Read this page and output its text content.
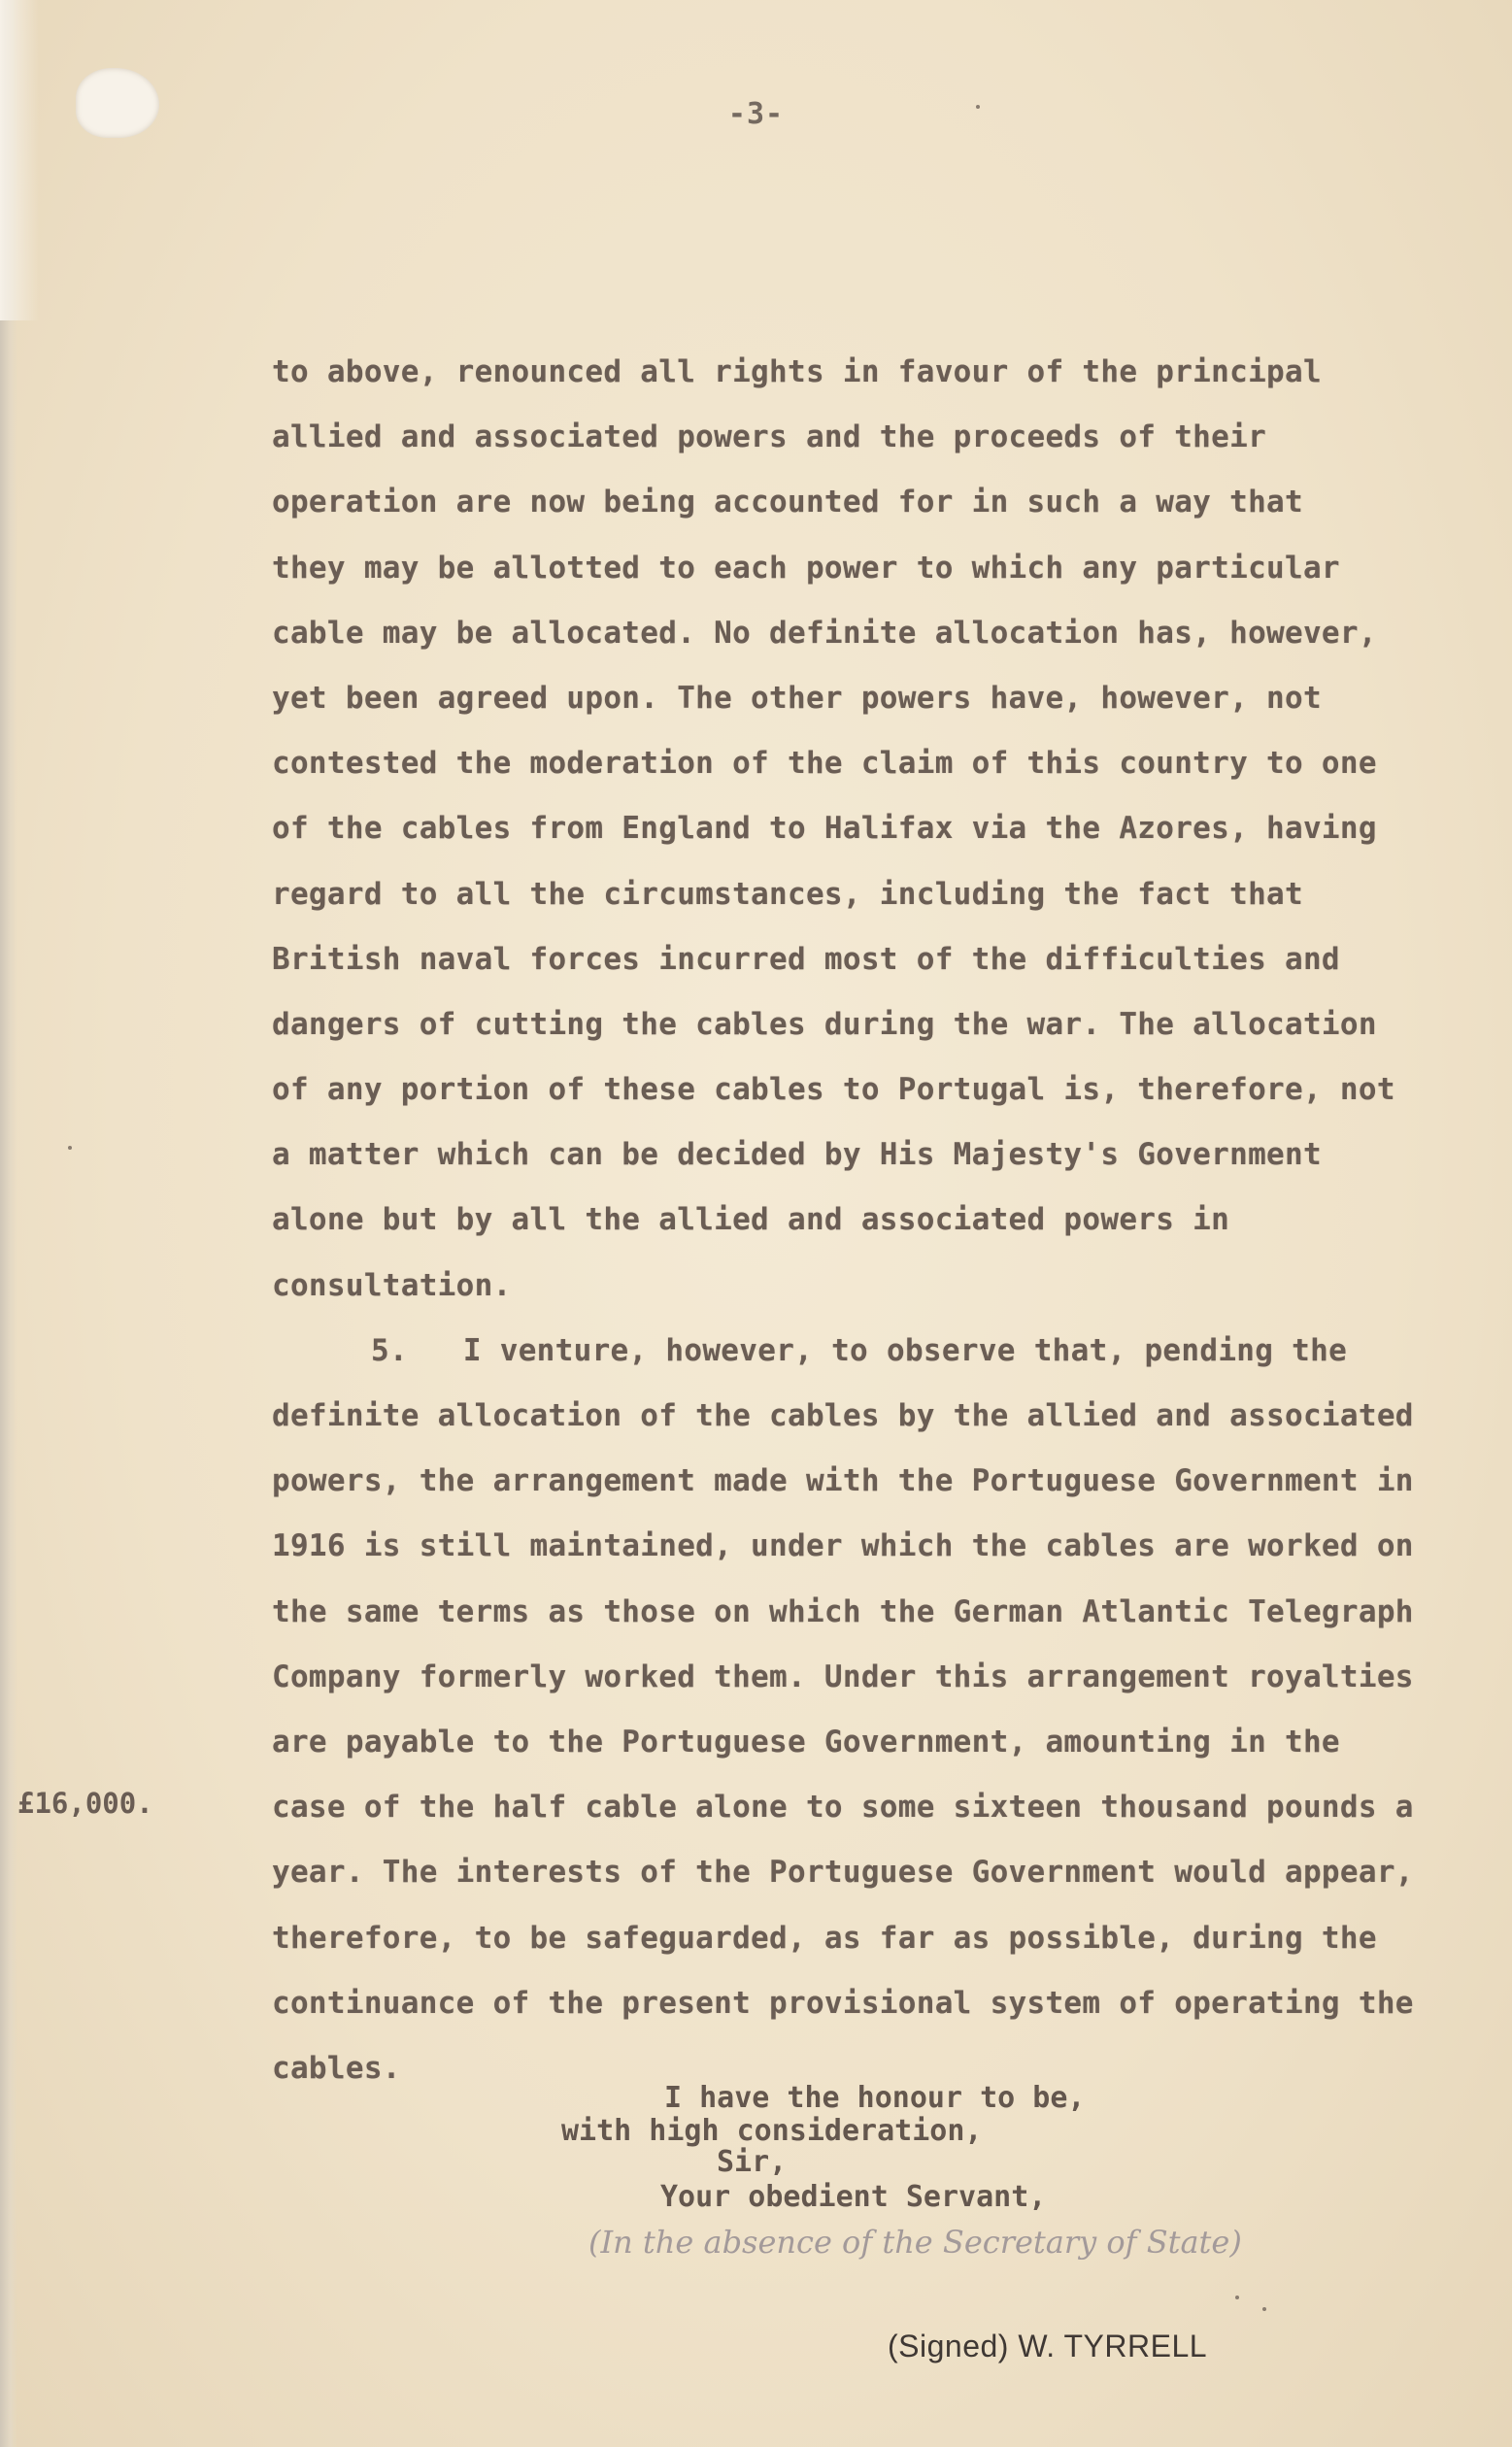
-3-
to above, renounced all rights in favour of the principal
allied and associated powers and the proceeds of their
operation are now being accounted for in such a way that
they may be allotted to each power to which any particular
cable may be allocated. No definite allocation has, however,
yet been agreed upon. The other powers have, however, not
contested the moderation of the claim of this country to one
of the cables from England to Halifax via the Azores, having
regard to all the circumstances, including the fact that
British naval forces incurred most of the difficulties and
dangers of cutting the cables during the war. The allocation
of any portion of these cables to Portugal is, therefore, not
a matter which can be decided by His Majesty's Government
alone but by all the allied and associated powers in
consultation.
5.   I venture, however, to observe that, pending the
definite allocation of the cables by the allied and associated
powers, the arrangement made with the Portuguese Government in
1916 is still maintained, under which the cables are worked on
the same terms as those on which the German Atlantic Telegraph
Company formerly worked them. Under this arrangement royalties
are payable to the Portuguese Government, amounting in the
case of the half cable alone to some sixteen thousand pounds a
year. The interests of the Portuguese Government would appear,
therefore, to be safeguarded, as far as possible, during the
continuance of the present provisional system of operating the
cables.
£16,000.
I have the honour to be,
with high consideration,
Sir,
Your obedient Servant,
(In the absence of the Secretary of State)
(Signed) W. TYRRELL
